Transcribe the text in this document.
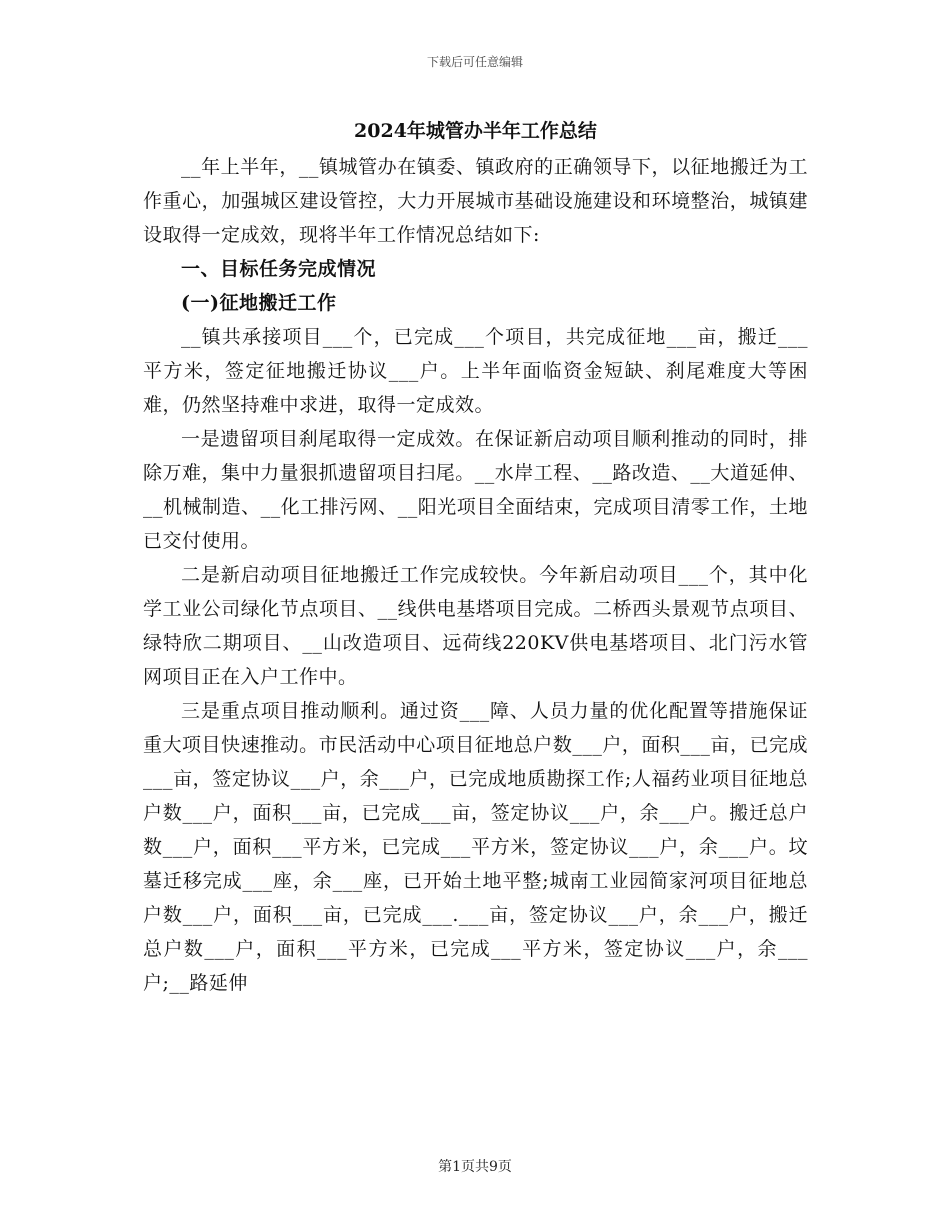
下载后可任意编辑
2024年城管办半年工作总结

__年上半年，__镇城管办在镇委、镇政府的正确领导下，以征地搬迁为工作重心，加强城区建设管控，大力开展城市基础设施建设和环境整治，城镇建设取得一定成效，现将半年工作情况总结如下:

一、目标任务完成情况

(一)征地搬迁工作

__镇共承接项目___个，已完成___个项目，共完成征地___亩，搬迁___平方米，签定征地搬迁协议___户。上半年面临资金短缺、刹尾难度大等困难，仍然坚持难中求进，取得一定成效。

一是遗留项目刹尾取得一定成效。在保证新启动项目顺利推动的同时，排除万难，集中力量狠抓遗留项目扫尾。__水岸工程、__路改造、__大道延伸、__机械制造、__化工排污网、__阳光项目全面结束，完成项目清零工作，土地已交付使用。

二是新启动项目征地搬迁工作完成较快。今年新启动项目___个，其中化学工业公司绿化节点项目、__线供电基塔项目完成。二桥西头景观节点项目、绿特欣二期项目、__山改造项目、远荷线220KV供电基塔项目、北门污水管网项目正在入户工作中。

三是重点项目推动顺利。通过资___障、人员力量的优化配置等措施保证重大项目快速推动。市民活动中心项目征地总户数___户，面积___亩，已完成___亩，签定协议___户，余___户，已完成地质勘探工作;人福药业项目征地总户数___户，面积___亩，已完成___亩，签定协议___户，余___户。搬迁总户数___户，面积___平方米，已完成___平方米，签定协议___户，余___户。坟墓迁移完成___座，余___座，已开始土地平整;城南工业园简家河项目征地总户数___户，面积___亩，已完成___.___亩，签定协议___户，余___户，搬迁总户数___户，面积___平方米，已完成___平方米，签定协议___户，余___户;__路延伸

第1页共9页
